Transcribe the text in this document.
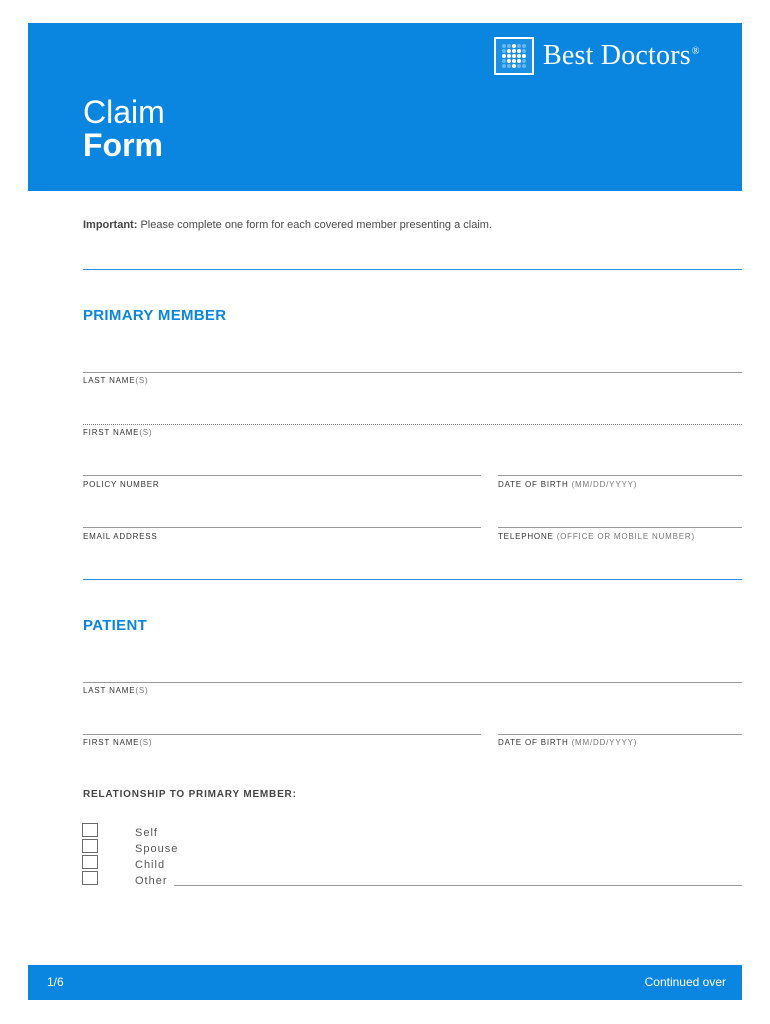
Best Doctors®
Claim
Form
Important: Please complete one form for each covered member presenting a claim.
PRIMARY MEMBER
LAST NAME(S)
FIRST NAME(S)
POLICY NUMBER	DATE OF BIRTH (MM/DD/YYYY)
EMAIL ADDRESS	TELEPHONE (OFFICE OR MOBILE NUMBER)
PATIENT
LAST NAME(S)
FIRST NAME(S)	DATE OF BIRTH (MM/DD/YYYY)
RELATIONSHIP TO PRIMARY MEMBER:
Self
Spouse
Child
Other
1/6	Continued over
